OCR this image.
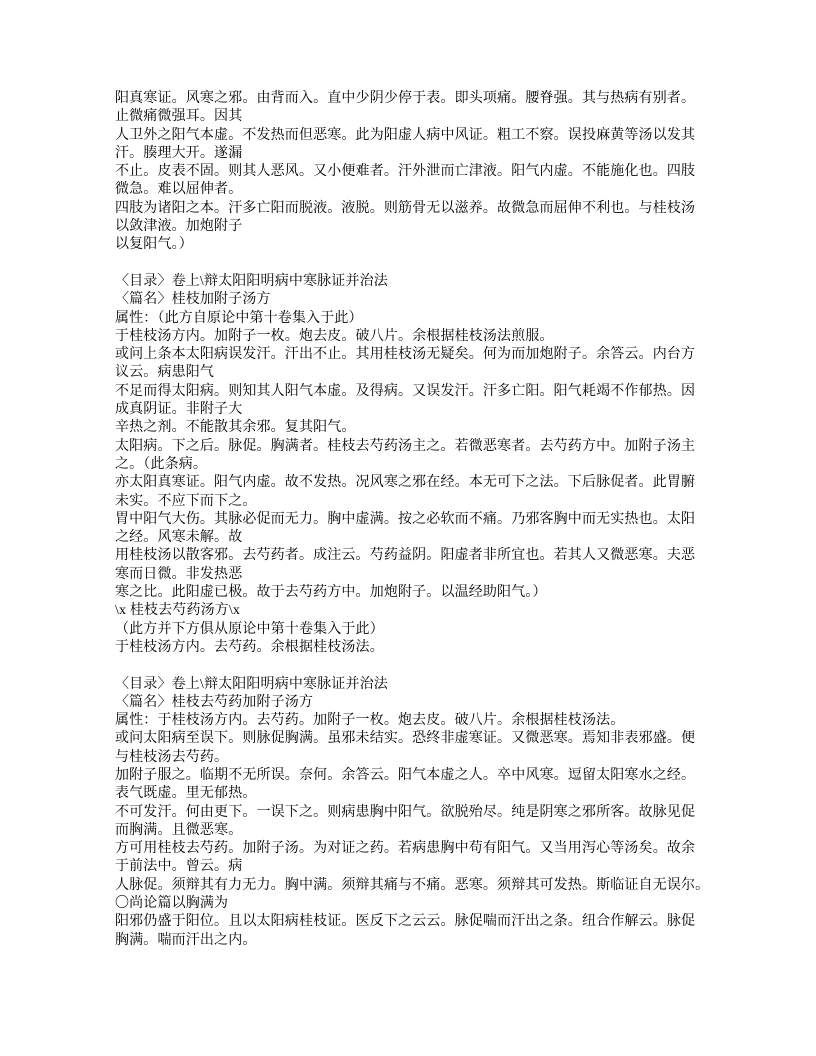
阳真寒证。风寒之邪。由背而入。直中少阴少停于表。即头项痛。腰脊强。其与热病有别者。
止微痛微强耳。因其
人卫外之阳气本虚。不发热而但恶寒。此为阳虚人病中风证。粗工不察。误投麻黄等汤以发其
汗。腠理大开。遂漏
不止。皮表不固。则其人恶风。又小便难者。汗外泄而亡津液。阳气内虚。不能施化也。四肢
微急。难以屈伸者。
四肢为诸阳之本。汗多亡阳而脱液。液脱。则筋骨无以滋养。故微急而屈伸不利也。与桂枝汤
以敛津液。加炮附子
以复阳气。）
〈目录〉卷上\辩太阳阳明病中寒脉证并治法
〈篇名〉桂枝加附子汤方
属性：（此方自原论中第十卷集入于此）
于桂枝汤方内。加附子一枚。炮去皮。破八片。余根据桂枝汤法煎服。
或问上条本太阳病误发汗。汗出不止。其用桂枝汤无疑矣。何为而加炮附子。余答云。内台方
议云。病患阳气
不足而得太阳病。则知其人阳气本虚。及得病。又误发汗。汗多亡阳。阳气耗竭不作郁热。因
成真阴证。非附子大
辛热之剂。不能散其余邪。复其阳气。
太阳病。下之后。脉促。胸满者。桂枝去芍药汤主之。若微恶寒者。去芍药方中。加附子汤主
之。（此条病。
亦太阳真寒证。阳气内虚。故不发热。况风寒之邪在经。本无可下之法。下后脉促者。此胃腑
未实。不应下而下之。
胃中阳气大伤。其脉必促而无力。胸中虚满。按之必软而不痛。乃邪客胸中而无实热也。太阳
之经。风寒未解。故
用桂枝汤以散客邪。去芍药者。成注云。芍药益阴。阳虚者非所宜也。若其人又微恶寒。夫恶
寒而日微。非发热恶
寒之比。此阳虚已极。故于去芍药方中。加炮附子。以温经助阳气。）
\x 桂枝去芍药汤方\x
（此方并下方俱从原论中第十卷集入于此）
于桂枝汤方内。去芍药。余根据桂枝汤法。
〈目录〉卷上\辩太阳阳明病中寒脉证并治法
〈篇名〉桂枝去芍药加附子汤方
属性：于桂枝汤方内。去芍药。加附子一枚。炮去皮。破八片。余根据桂枝汤法。
或问太阳病至误下。则脉促胸满。虽邪未结实。恐终非虚寒证。又微恶寒。焉知非表邪盛。便
与桂枝汤去芍药。
加附子服之。临期不无所误。奈何。余答云。阳气本虚之人。卒中风寒。逗留太阳寒水之经。
表气既虚。里无郁热。
不可发汗。何由更下。一误下之。则病患胸中阳气。欲脱殆尽。纯是阴寒之邪所客。故脉见促
而胸满。且微恶寒。
方可用桂枝去芍药。加附子汤。为对证之药。若病患胸中苟有阳气。又当用泻心等汤矣。故余
于前法中。曾云。病
人脉促。须辩其有力无力。胸中满。须辩其痛与不痛。恶寒。须辩其可发热。斯临证自无误尔。
〇尚论篇以胸满为
阳邪仍盛于阳位。且以太阳病桂枝证。医反下之云云。脉促喘而汗出之条。纽合作解云。脉促
胸满。喘而汗出之内。
